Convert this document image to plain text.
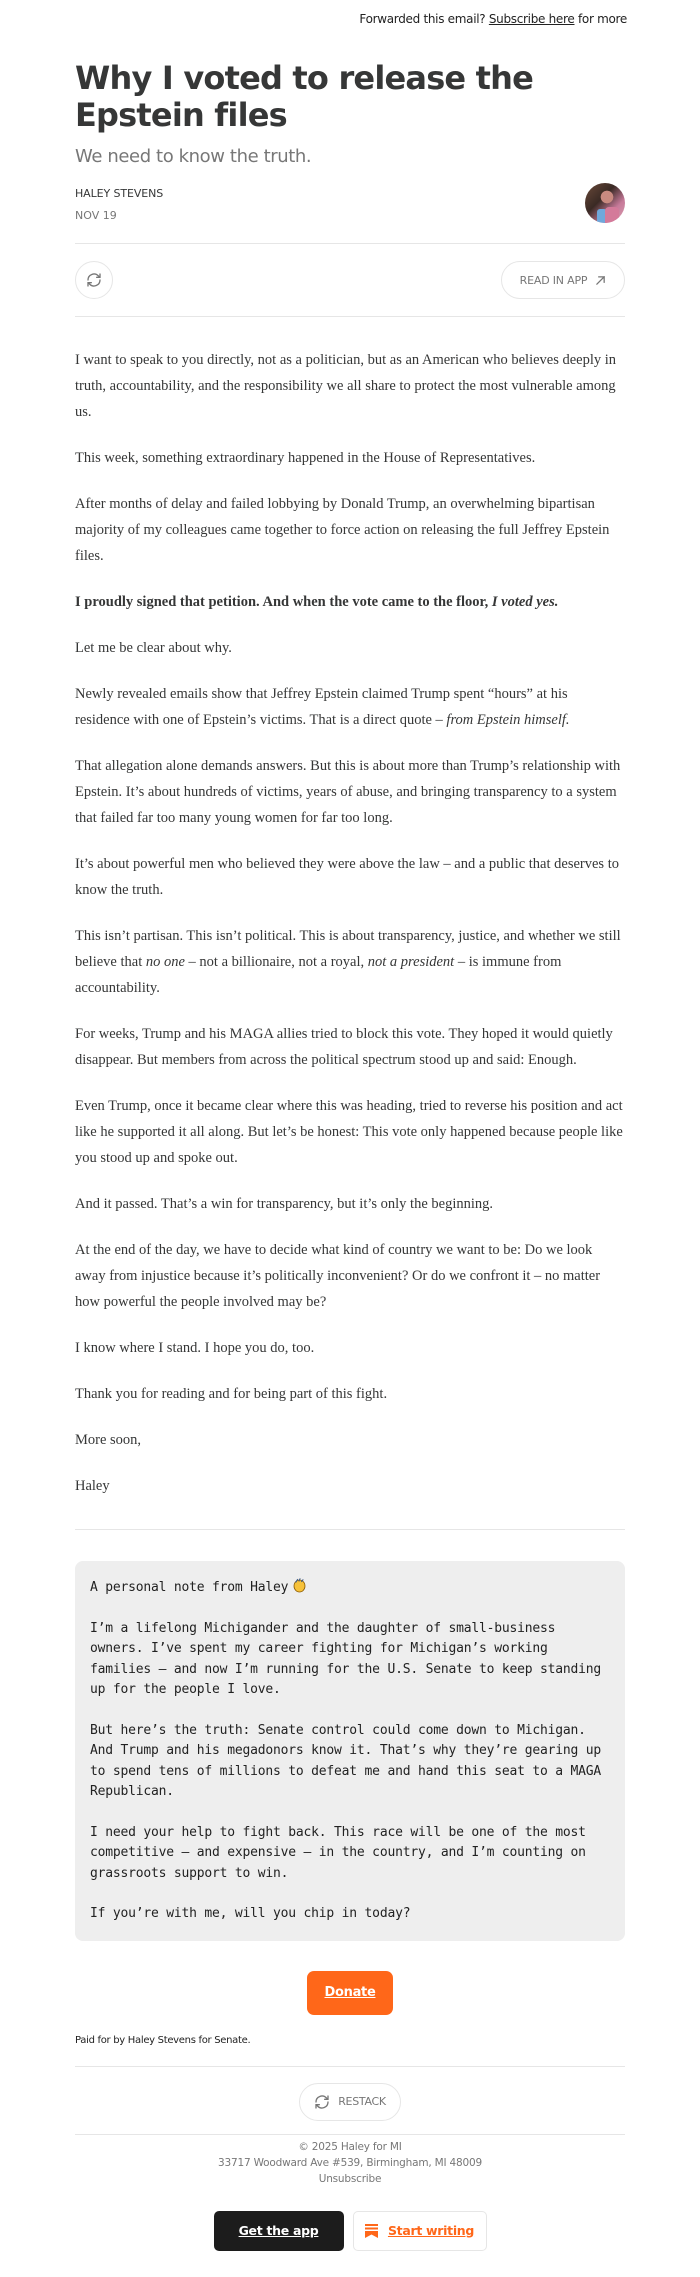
Forwarded this email? Subscribe here for more
Why I voted to release the Epstein files
We need to know the truth.
HALEY STEVENS
NOV 19
READ IN APP

I want to speak to you directly, not as a politician, but as an American who believes deeply in truth, accountability, and the responsibility we all share to protect the most vulnerable among us.

This week, something extraordinary happened in the House of Representatives.

After months of delay and failed lobbying by Donald Trump, an overwhelming bipartisan majority of my colleagues came together to force action on releasing the full Jeffrey Epstein files.

I proudly signed that petition. And when the vote came to the floor, I voted yes.

Let me be clear about why.

Newly revealed emails show that Jeffrey Epstein claimed Trump spent “hours” at his residence with one of Epstein’s victims. That is a direct quote – from Epstein himself.

That allegation alone demands answers. But this is about more than Trump’s relationship with Epstein. It’s about hundreds of victims, years of abuse, and bringing transparency to a system that failed far too many young women for far too long.

It’s about powerful men who believed they were above the law – and a public that deserves to know the truth.

This isn’t partisan. This isn’t political. This is about transparency, justice, and whether we still believe that no one – not a billionaire, not a royal, not a president – is immune from accountability.

For weeks, Trump and his MAGA allies tried to block this vote. They hoped it would quietly disappear. But members from across the political spectrum stood up and said: Enough.

Even Trump, once it became clear where this was heading, tried to reverse his position and act like he supported it all along. But let’s be honest: This vote only happened because people like you stood up and spoke out.

And it passed. That’s a win for transparency, but it’s only the beginning.

At the end of the day, we have to decide what kind of country we want to be: Do we look away from injustice because it’s politically inconvenient? Or do we confront it – no matter how powerful the people involved may be?

I know where I stand. I hope you do, too.

Thank you for reading and for being part of this fight.

More soon,

Haley

A personal note from Haley

I’m a lifelong Michigander and the daughter of small-business owners. I’ve spent my career fighting for Michigan’s working families – and now I’m running for the U.S. Senate to keep standing up for the people I love.

But here’s the truth: Senate control could come down to Michigan. And Trump and his megadonors know it. That’s why they’re gearing up to spend tens of millions to defeat me and hand this seat to a MAGA Republican.

I need your help to fight back. This race will be one of the most competitive – and expensive – in the country, and I’m counting on grassroots support to win.

If you’re with me, will you chip in today?

Donate
Paid for by Haley Stevens for Senate.
RESTACK
© 2025 Haley for MI
33717 Woodward Ave #539, Birmingham, MI 48009
Unsubscribe
Get the app	Start writing
